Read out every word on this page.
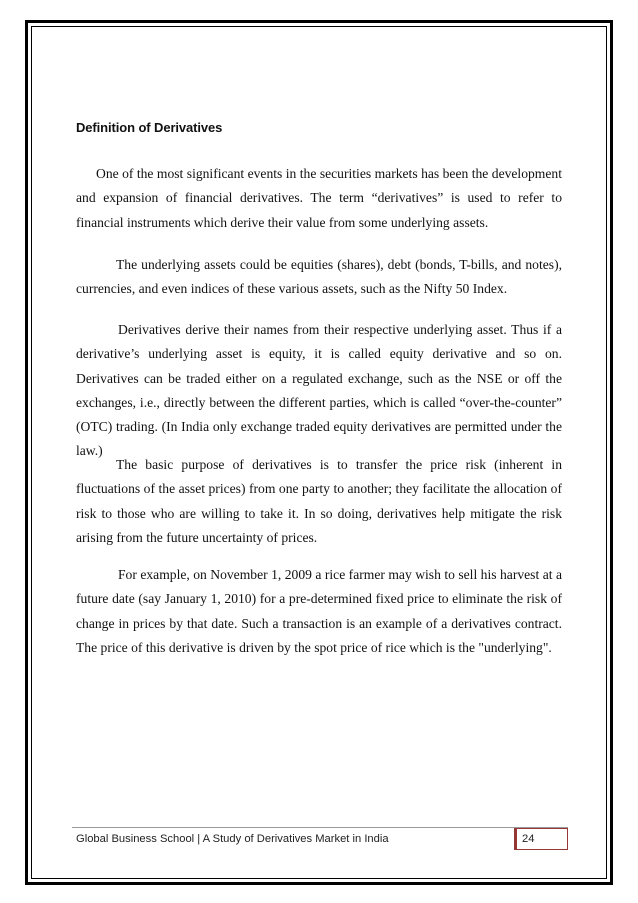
Definition of Derivatives

One of the most significant events in the securities markets has been the development and expansion of financial derivatives. The term “derivatives” is used to refer to financial instruments which derive their value from some underlying assets.

The underlying assets could be equities (shares), debt (bonds, T-bills, and notes), currencies, and even indices of these various assets, such as the Nifty 50 Index.

Derivatives derive their names from their respective underlying asset. Thus if a derivative’s underlying asset is equity, it is called equity derivative and so on. Derivatives can be traded either on a regulated exchange, such as the NSE or off the exchanges, i.e., directly between the different parties, which is called “over-the-counter” (OTC) trading. (In India only exchange traded equity derivatives are permitted under the law.)

The basic purpose of derivatives is to transfer the price risk (inherent in fluctuations of the asset prices) from one party to another; they facilitate the allocation of risk to those who are willing to take it. In so doing, derivatives help mitigate the risk arising from the future uncertainty of prices.

For example, on November 1, 2009 a rice farmer may wish to sell his harvest at a future date (say January 1, 2010) for a pre-determined fixed price to eliminate the risk of change in prices by that date. Such a transaction is an example of a derivatives contract. The price of this derivative is driven by the spot price of rice which is the "underlying".

Global Business School | A Study of Derivatives Market in India	24
